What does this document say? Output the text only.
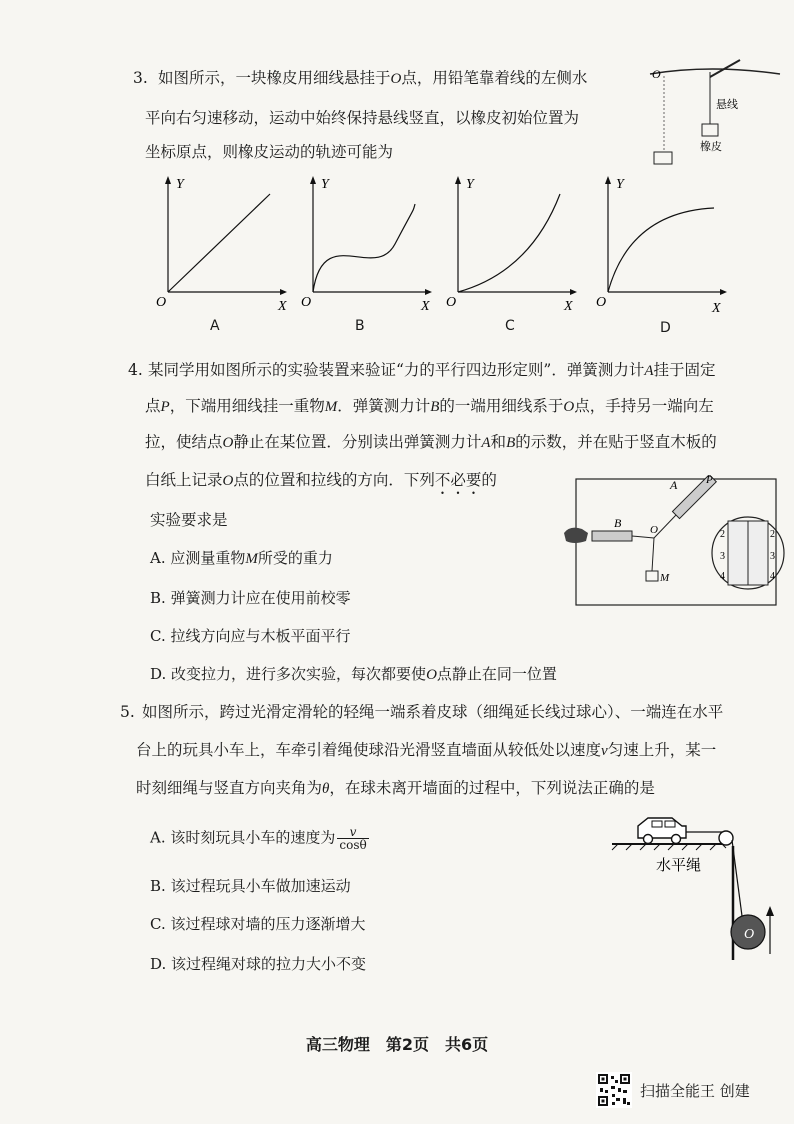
3. 如图所示，一块橡皮用细线悬挂于O点，用铅笔靠着线的左侧水
平向右匀速移动，运动中始终保持悬线竖直，以橡皮初始位置为
坐标原点，则橡皮运动的轨迹可能为
O
悬线
橡皮
Y
X
O
Y
X
O
Y
X
O
Y
X
O
A	B	C	D
4. 某同学用如图所示的实验装置来验证“力的平行四边形定则”．弹簧测力计A挂于固定
点P，下端用细线挂一重物M．弹簧测力计B的一端用细线系于O点，手持另一端向左
拉，使结点O静止在某位置．分别读出弹簧测力计A和B的示数，并在贴于竖直木板的
白纸上记录O点的位置和拉线的方向．下列不必要的
实验要求是
A. 应测量重物M所受的重力
B. 弹簧测力计应在使用前校零
C. 拉线方向应与木板平面平行
D. 改变拉力，进行多次实验，每次都要使O点静止在同一位置
B
A	P
O
M
2
3
4
2
3
4
5. 如图所示，跨过光滑定滑轮的轻绳一端系着皮球（细绳延长线过球心）、一端连在水平
台上的玩具小车上，车牵引着绳使球沿光滑竖直墙面从较低处以速度v匀速上升，某一
时刻细绳与竖直方向夹角为θ，在球未离开墙面的过程中，下列说法正确的是
A. 该时刻玩具小车的速度为 $\frac{v}{\cos\theta}$
B. 该过程玩具小车做加速运动
C. 该过程球对墙的压力逐渐增大
D. 该过程绳对球的拉力大小不变
O
水平绳
高三物理　第2页　共6页
扫描全能王 创建
